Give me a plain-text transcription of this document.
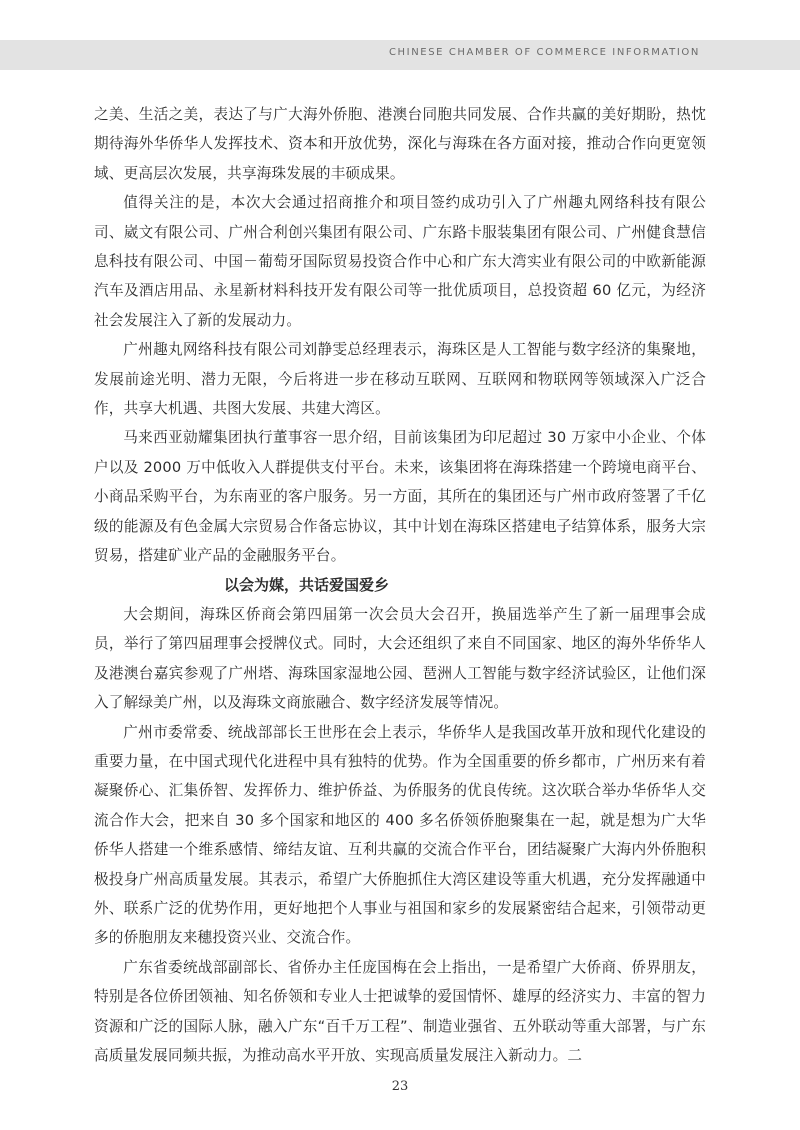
CHINESE CHAMBER OF COMMERCE INFORMATION

之美、生活之美，表达了与广大海外侨胞、港澳台同胞共同发展、合作共赢的美好期盼，热忱期待海外华侨华人发挥技术、资本和开放优势，深化与海珠在各方面对接，推动合作向更宽领域、更高层次发展，共享海珠发展的丰硕成果。

值得关注的是，本次大会通过招商推介和项目签约成功引入了广州趣丸网络科技有限公司、崴文有限公司、广州合利创兴集团有限公司、广东路卡服装集团有限公司、广州健食慧信息科技有限公司、中国－葡萄牙国际贸易投资合作中心和广东大湾实业有限公司的中欧新能源汽车及酒店用品、永星新材料科技开发有限公司等一批优质项目，总投资超 60 亿元，为经济社会发展注入了新的发展动力。

广州趣丸网络科技有限公司刘静雯总经理表示，海珠区是人工智能与数字经济的集聚地，发展前途光明、潜力无限，今后将进一步在移动互联网、互联网和物联网等领域深入广泛合作，共享大机遇、共图大发展、共建大湾区。

马来西亚勍耀集团执行董事容一思介绍，目前该集团为印尼超过 30 万家中小企业、个体户以及 2000 万中低收入人群提供支付平台。未来，该集团将在海珠搭建一个跨境电商平台、小商品采购平台，为东南亚的客户服务。另一方面，其所在的集团还与广州市政府签署了千亿级的能源及有色金属大宗贸易合作备忘协议，其中计划在海珠区搭建电子结算体系，服务大宗贸易，搭建矿业产品的金融服务平台。

以会为媒，共话爱国爱乡

大会期间，海珠区侨商会第四届第一次会员大会召开，换届选举产生了新一届理事会成员，举行了第四届理事会授牌仪式。同时，大会还组织了来自不同国家、地区的海外华侨华人及港澳台嘉宾参观了广州塔、海珠国家湿地公园、琶洲人工智能与数字经济试验区，让他们深入了解绿美广州，以及海珠文商旅融合、数字经济发展等情况。

广州市委常委、统战部部长王世彤在会上表示，华侨华人是我国改革开放和现代化建设的重要力量，在中国式现代化进程中具有独特的优势。作为全国重要的侨乡都市，广州历来有着凝聚侨心、汇集侨智、发挥侨力、维护侨益、为侨服务的优良传统。这次联合举办华侨华人交流合作大会，把来自 30 多个国家和地区的 400 多名侨领侨胞聚集在一起，就是想为广大华侨华人搭建一个维系感情、缔结友谊、互利共赢的交流合作平台，团结凝聚广大海内外侨胞积极投身广州高质量发展。其表示，希望广大侨胞抓住大湾区建设等重大机遇，充分发挥融通中外、联系广泛的优势作用，更好地把个人事业与祖国和家乡的发展紧密结合起来，引领带动更多的侨胞朋友来穗投资兴业、交流合作。

广东省委统战部副部长、省侨办主任庞国梅在会上指出，一是希望广大侨商、侨界朋友，特别是各位侨团领袖、知名侨领和专业人士把诚挚的爱国情怀、雄厚的经济实力、丰富的智力资源和广泛的国际人脉，融入广东“百千万工程”、制造业强省、五外联动等重大部署，与广东高质量发展同频共振，为推动高水平开放、实现高质量发展注入新动力。二

23
